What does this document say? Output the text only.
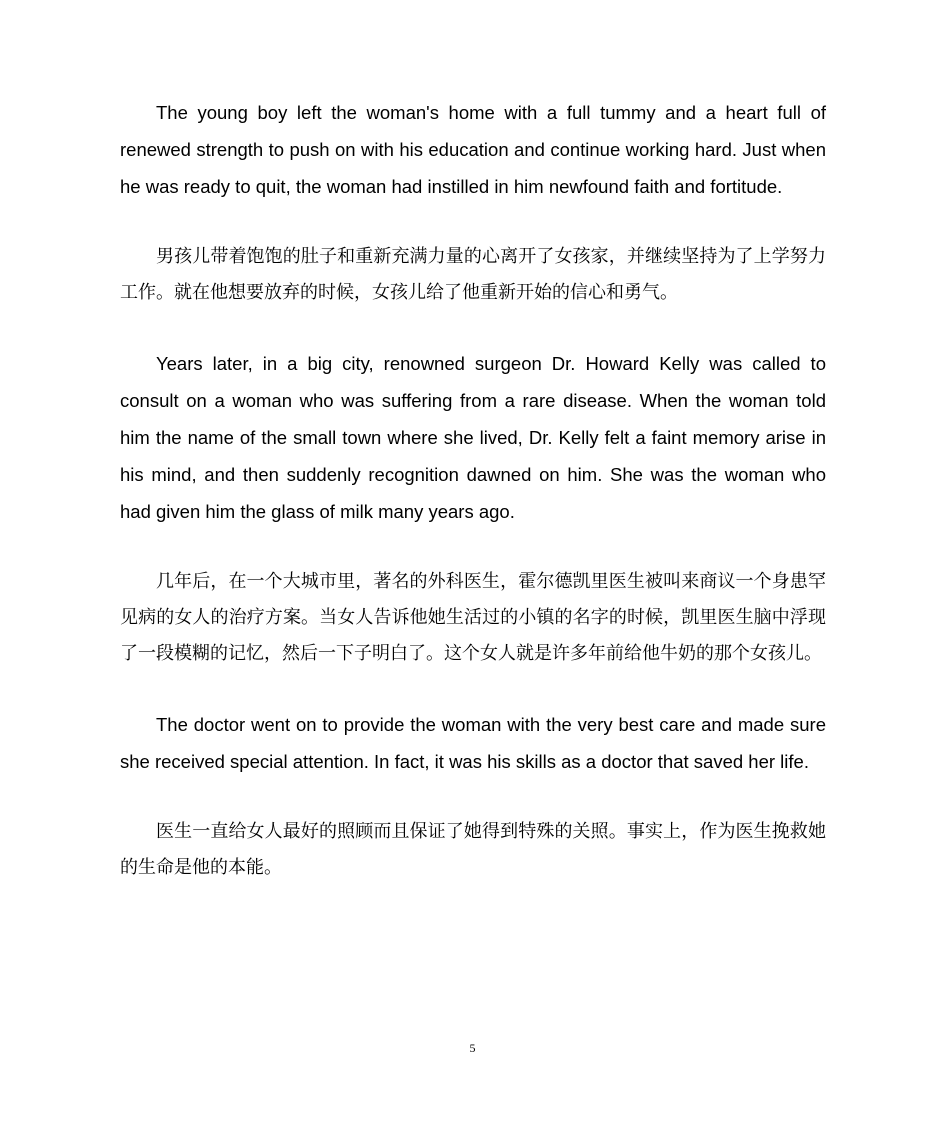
The young boy left the woman's home with a full tummy and a heart full of renewed strength to push on with his education and continue working hard. Just when he was ready to quit, the woman had instilled in him newfound faith and fortitude.

男孩儿带着饱饱的肚子和重新充满力量的心离开了女孩家，并继续坚持为了上学努力工作。就在他想要放弃的时候，女孩儿给了他重新开始的信心和勇气。

Years later, in a big city, renowned surgeon Dr. Howard Kelly was called to consult on a woman who was suffering from a rare disease. When the woman told him the name of the small town where she lived, Dr. Kelly felt a faint memory arise in his mind, and then suddenly recognition dawned on him. She was the woman who had given him the glass of milk many years ago.

几年后，在一个大城市里，著名的外科医生，霍尔德凯里医生被叫来商议一个身患罕见病的女人的治疗方案。当女人告诉他她生活过的小镇的名字的时候，凯里医生脑中浮现了一段模糊的记忆，然后一下子明白了。这个女人就是许多年前给他牛奶的那个女孩儿。

The doctor went on to provide the woman with the very best care and made sure she received special attention. In fact, it was his skills as a doctor that saved her life.

医生一直给女人最好的照顾而且保证了她得到特殊的关照。事实上，作为医生挽救她的生命是他的本能。

5
